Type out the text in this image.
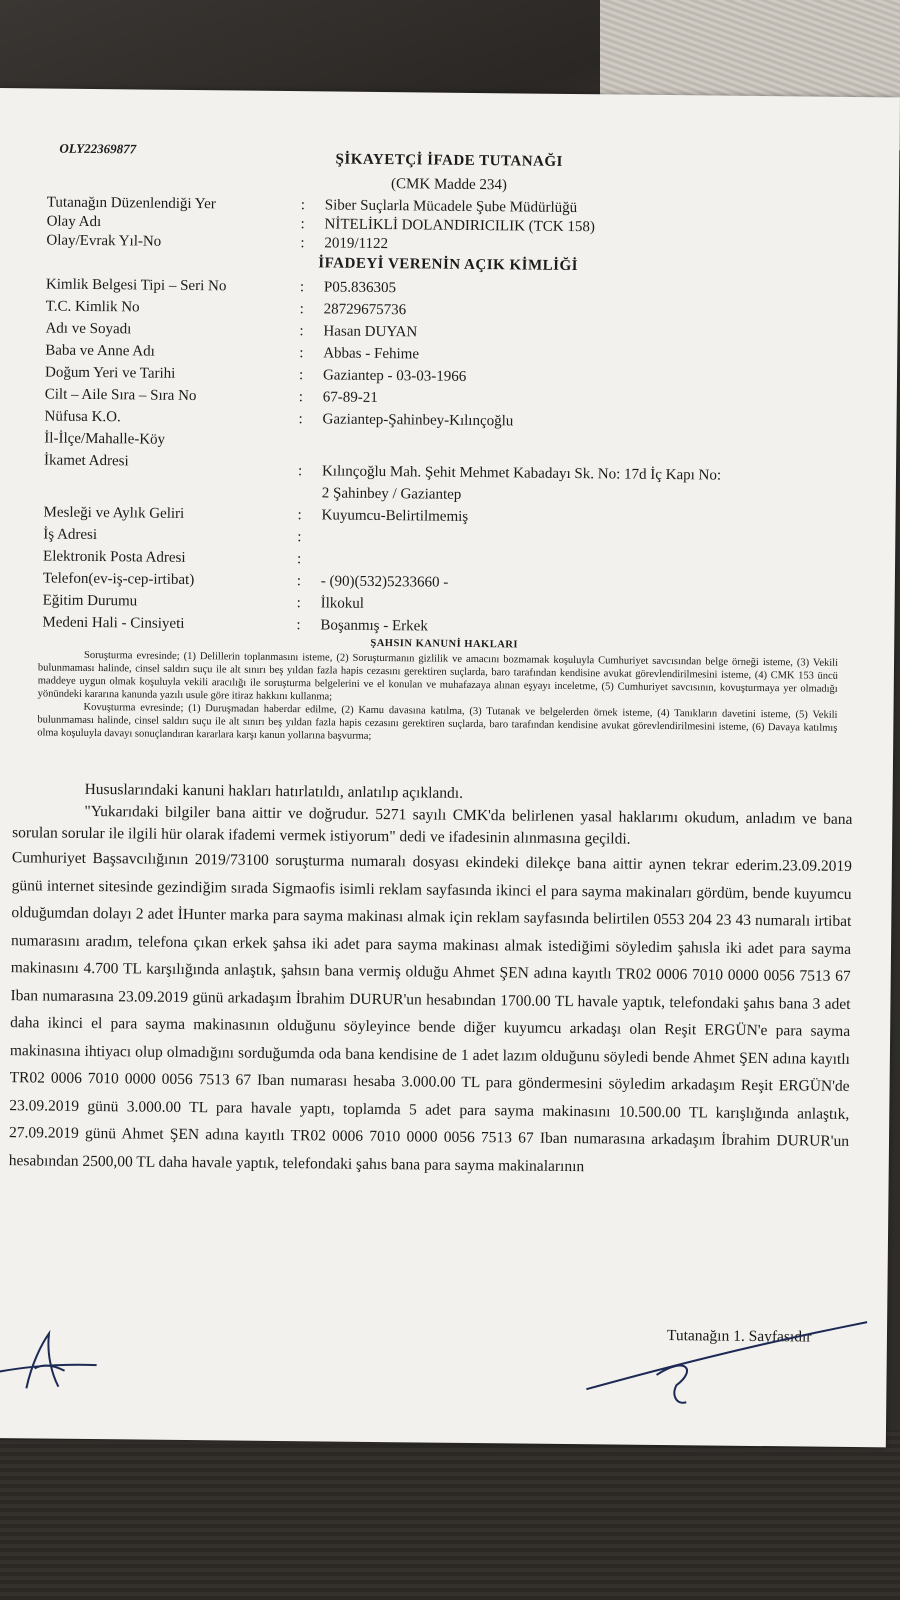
OLY22369877
ŞİKAYETÇİ İFADE TUTANAĞI
(CMK Madde 234)
Tutanağın Düzenlendiği Yer	: Siber Suçlarla Mücadele Şube Müdürlüğü
Olay Adı	: NİTELİKLİ DOLANDIRICILIK (TCK 158)
Olay/Evrak Yıl-No	: 2019/1122
İFADEYİ VERENİN AÇIK KİMLİĞİ
Kimlik Belgesi Tipi – Seri No	: P05.836305
T.C. Kimlik No	: 28729675736
Adı ve Soyadı	: Hasan DUYAN
Baba ve Anne Adı	: Abbas - Fehime
Doğum Yeri ve Tarihi	: Gaziantep - 03-03-1966
Cilt – Aile Sıra – Sıra No	: 67-89-21
Nüfusa K.O.	: Gaziantep-Şahinbey-Kılınçoğlu
İl-İlçe/Mahalle-Köy
İkamet Adresi
: Kılınçoğlu Mah. Şehit Mehmet Kabadayı Sk. No: 17d İç Kapı No:
2 Şahinbey / Gaziantep
Mesleği ve Aylık Geliri	: Kuyumcu-Belirtilmemiş
İş Adresi	:
Elektronik Posta Adresi	:
Telefon(ev-iş-cep-irtibat)	: - (90)(532)5233660 -
Eğitim Durumu	: İlkokul
Medeni Hali - Cinsiyeti	: Boşanmış - Erkek
ŞAHSIN KANUNİ HAKLARI

Soruşturma evresinde; (1) Delillerin toplanmasını isteme, (2) Soruşturmanın gizlilik ve amacını bozmamak koşuluyla Cumhuriyet savcısından belge örneği isteme, (3) Vekili bulunmaması halinde, cinsel saldırı suçu ile alt sınırı beş yıldan fazla hapis cezasını gerektiren suçlarda, baro tarafından kendisine avukat görevlendirilmesini isteme, (4) CMK 153 üncü maddeye uygun olmak koşuluyla vekili aracılığı ile soruşturma belgelerini ve el konulan ve muhafazaya alınan eşyayı inceletme, (5) Cumhuriyet savcısının, kovuşturmaya yer olmadığı yönündeki kararına kanunda yazılı usule göre itiraz hakkını kullanma;

Kovuşturma evresinde; (1) Duruşmadan haberdar edilme, (2) Kamu davasına katılma, (3) Tutanak ve belgelerden örnek isteme, (4) Tanıkların davetini isteme, (5) Vekili bulunmaması halinde, cinsel saldırı suçu ile alt sınırı beş yıldan fazla hapis cezasını gerektiren suçlarda, baro tarafından kendisine avukat görevlendirilmesini isteme, (6) Davaya katılmış olma koşuluyla davayı sonuçlandıran kararlara karşı kanun yollarına başvurma;

Hususlarındaki kanuni hakları hatırlatıldı, anlatılıp açıklandı.

"Yukarıdaki bilgiler bana aittir ve doğrudur. 5271 sayılı CMK'da belirlenen yasal haklarımı okudum, anladım ve bana sorulan sorular ile ilgili hür olarak ifademi vermek istiyorum" dedi ve ifadesinin alınmasına geçildi.

Cumhuriyet Başsavcılığının 2019/73100 soruşturma numaralı dosyası ekindeki dilekçe bana aittir aynen tekrar ederim.23.09.2019 günü internet sitesinde gezindiğim sırada Sigmaofis isimli reklam sayfasında ikinci el para sayma makinaları gördüm, bende kuyumcu olduğumdan dolayı 2 adet İHunter marka para sayma makinası almak için reklam sayfasında belirtilen 0553 204 23 43 numaralı irtibat numarasını aradım, telefona çıkan erkek şahsa iki adet para sayma makinası almak istediğimi söyledim şahısla iki adet para sayma makinasını 4.700 TL karşılığında anlaştık, şahsın bana vermiş olduğu Ahmet ŞEN adına kayıtlı TR02 0006 7010 0000 0056 7513 67 Iban numarasına 23.09.2019 günü arkadaşım İbrahim DURUR'un hesabından 1700.00 TL havale yaptık, telefondaki şahıs bana 3 adet daha ikinci el para sayma makinasının olduğunu söyleyince bende diğer kuyumcu arkadaşı olan Reşit ERGÜN'e para sayma makinasına ihtiyacı olup olmadığını sorduğumda oda bana kendisine de 1 adet lazım olduğunu söyledi bende Ahmet ŞEN adına kayıtlı TR02 0006 7010 0000 0056 7513 67 Iban numarası hesaba 3.000.00 TL para göndermesini söyledim arkadaşım Reşit ERGÜN'de 23.09.2019 günü 3.000.00 TL para havale yaptı, toplamda 5 adet para sayma makinasını 10.500.00 TL karışlığında anlaştık, 27.09.2019 günü Ahmet ŞEN adına kayıtlı TR02 0006 7010 0000 0056 7513 67 Iban numarasına arkadaşım İbrahim DURUR'un hesabından 2500,00 TL daha havale yaptık, telefondaki şahıs bana para sayma makinalarının

Tutanağın 1. Sayfasıdır
